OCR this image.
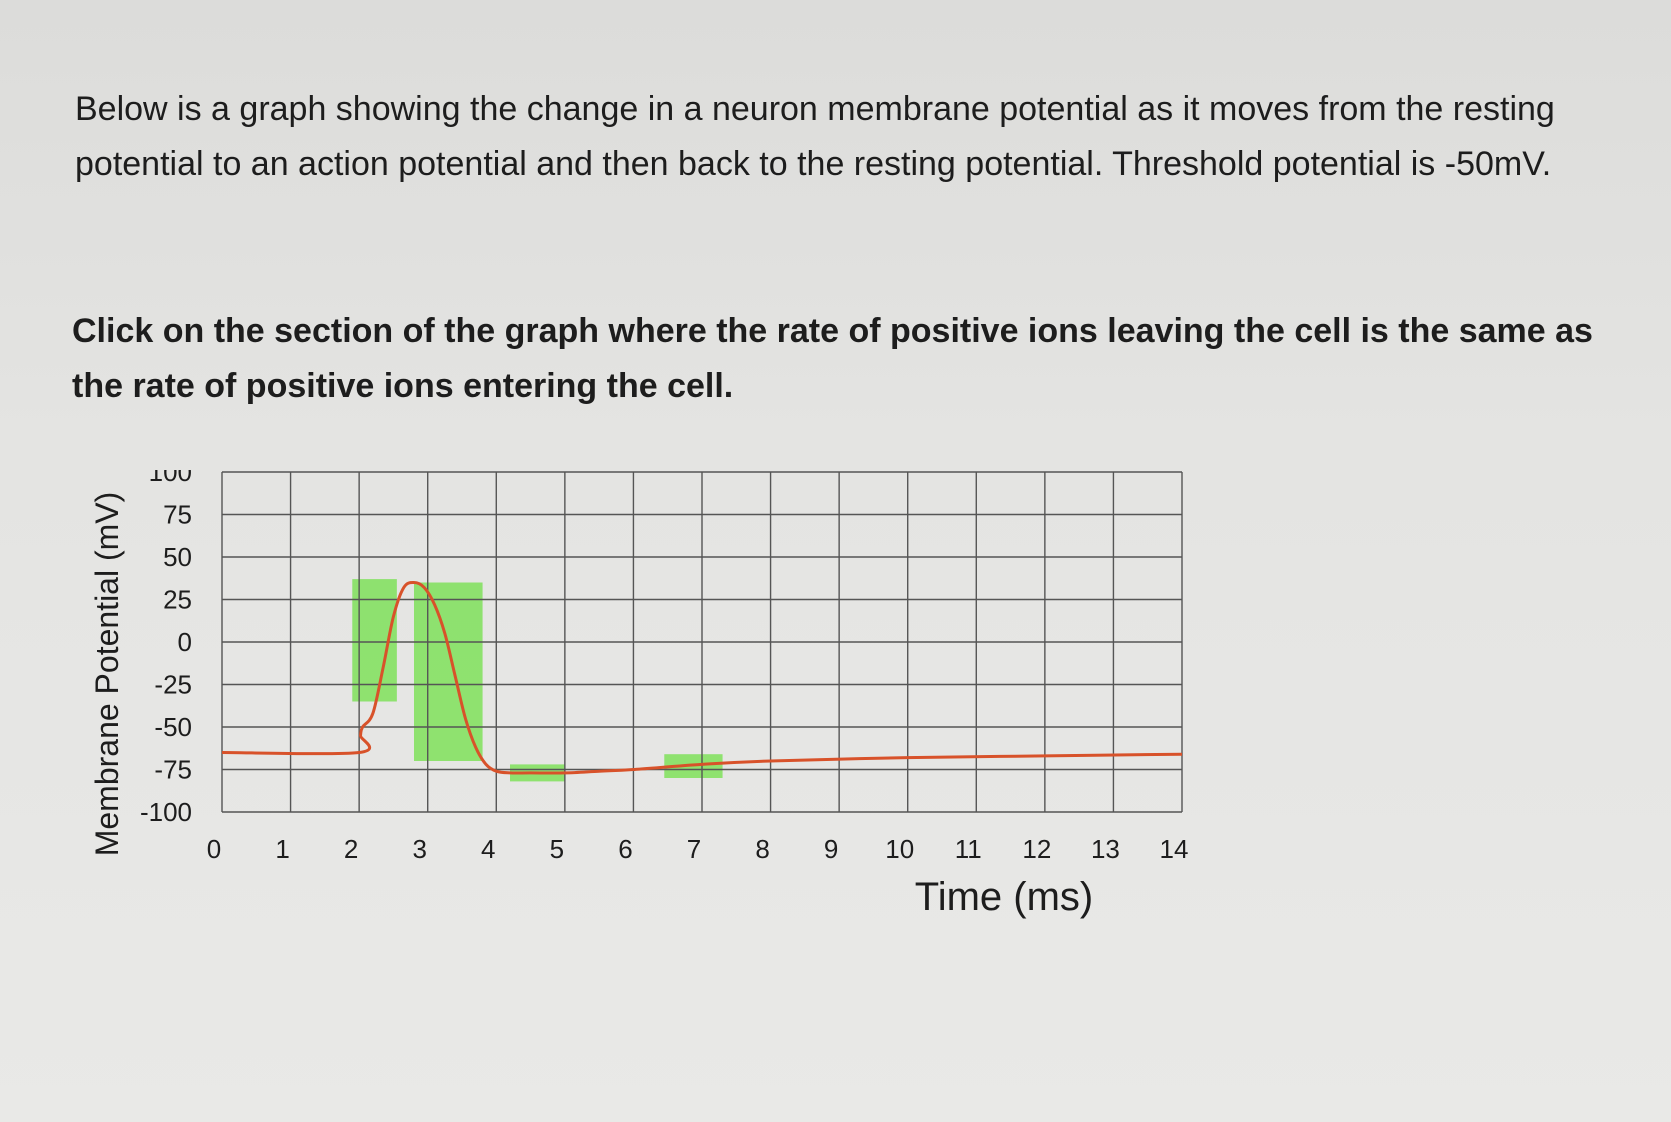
Below is a graph showing the change in a neuron membrane potential as it moves from the resting potential to an action potential and then back to the resting potential. Threshold potential is -50mV.

Click on the section of the graph where the rate of positive ions leaving the cell is the same as the rate of positive ions entering the cell.

0 1 2 3 4 5 6 7 8 9 10 11 12 13 14
100
75
50
25
0
-25
-50
-75
-100
Membrane Potential (mV)
Time (ms)
